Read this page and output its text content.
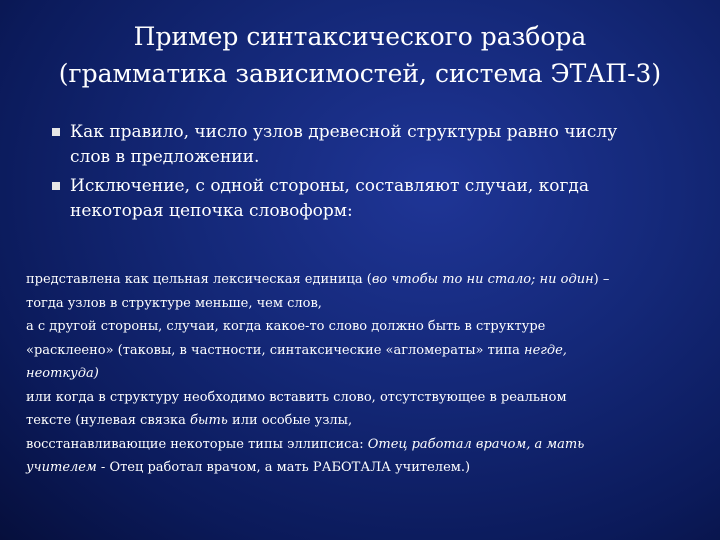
Пример синтаксического разбора
(грамматика зависимостей, система ЭТАП-3)
Как правило, число узлов древесной структуры равно числу
слов в предложении.
Исключение, с одной стороны, составляют случаи, когда
некоторая цепочка словоформ:
представлена как цельная лексическая единица (во чтобы то ни стало; ни один) –
тогда узлов в структуре меньше, чем слов,
а с другой стороны, случаи, когда какое-то слово должно быть в структуре
«расклеено» (таковы, в частности, синтаксические «агломераты» типа негде,
неоткуда)
или когда в структуру необходимо вставить слово, отсутствующее в реальном
тексте (нулевая связка быть или особые узлы,
восстанавливающие некоторые типы эллипсиса: Отец работал врачом, а мать
учителем - Отец работал врачом, а мать РАБОТАЛА учителем.)
